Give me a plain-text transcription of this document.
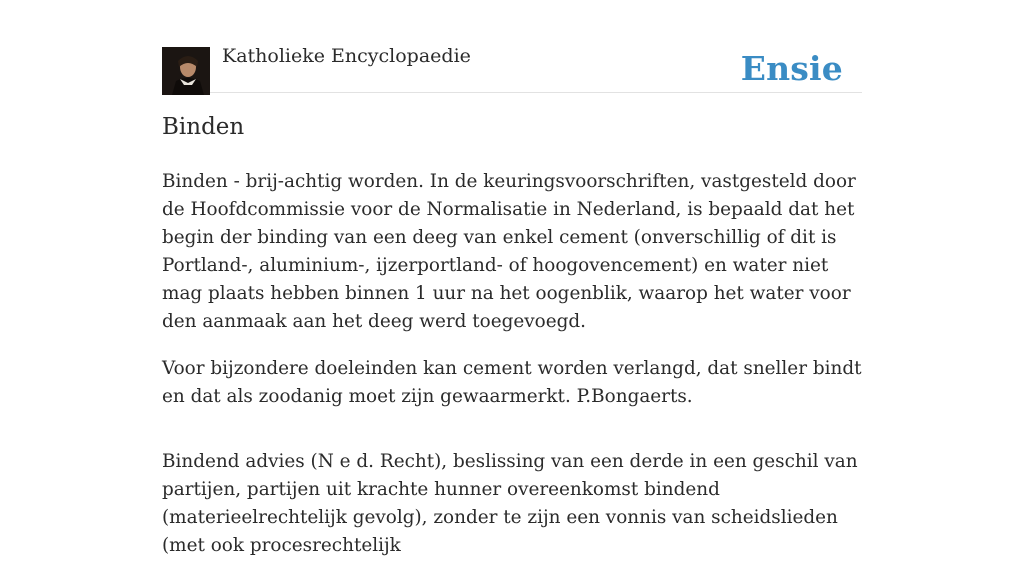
Katholieke Encyclopaedie	Ensie
Binden

Binden - brij-achtig worden. In de keuringsvoorschriften, vastgesteld door de Hoofdcommissie voor de Normalisatie in Nederland, is bepaald dat het begin der binding van een deeg van enkel cement (onverschillig of dit is Portland-, aluminium-, ijzerportland- of hoogovencement) en water niet mag plaats hebben binnen 1 uur na het oogenblik, waarop het water voor den aanmaak aan het deeg werd toegevoegd.

Voor bijzondere doeleinden kan cement worden verlangd, dat sneller bindt en dat als zoodanig moet zijn gewaarmerkt. P.Bongaerts.

Bindend advies (N e d. Recht), beslissing van een derde in een geschil van partijen, partijen uit krachte hunner overeenkomst bindend (materieelrechtelijk gevolg), zonder te zijn een vonnis van scheidslieden (met ook procesrechtelijk
